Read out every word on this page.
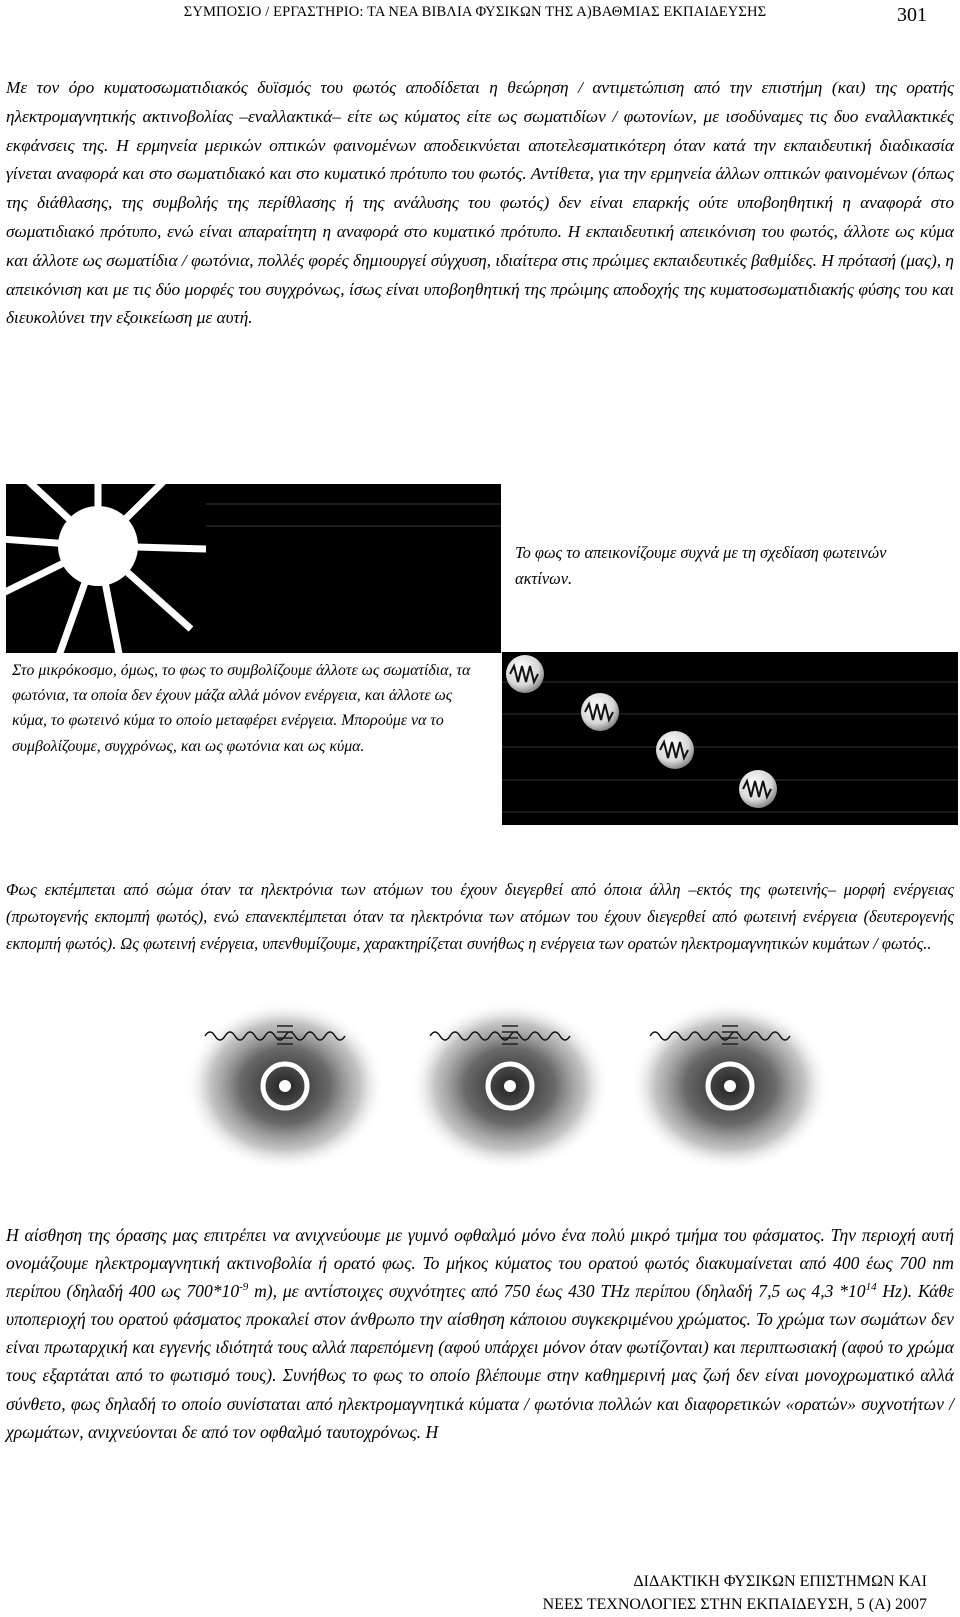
ΣΥΜΠΟΣΙΟ / ΕΡΓΑΣΤΗΡΙΟ: ΤΑ ΝΕΑ ΒΙΒΛΙΑ ΦΥΣΙΚΩΝ ΤΗΣ Α)ΒΑΘΜΙΑΣ ΕΚΠΑΙΔΕΥΣΗΣ	301

Με τον όρο κυματοσωματιδιακός δυϊσμός του φωτός αποδίδεται η θεώρηση / αντιμετώπιση από την επιστήμη (και) της ορατής ηλεκτρομαγνητικής ακτινοβολίας –εναλλακτικά– είτε ως κύματος είτε ως σωματιδίων / φωτονίων, με ισοδύναμες τις δυο εναλλακτικές εκφάνσεις της. Η ερμηνεία μερικών οπτικών φαινομένων αποδεικνύεται αποτελεσματικότερη όταν κατά την εκπαιδευτική διαδικασία γίνεται αναφορά και στο σωματιδιακό και στο κυματικό πρότυπο του φωτός. Αντίθετα, για την ερμηνεία άλλων οπτικών φαινομένων (όπως της διάθλασης, της συμβολής της περίθλασης ή της ανάλυσης του φωτός) δεν είναι επαρκής ούτε υποβοηθητική η αναφορά στο σωματιδιακό πρότυπο, ενώ είναι απαραίτητη η αναφορά στο κυματικό πρότυπο. Η εκπαιδευτική απεικόνιση του φωτός, άλλοτε ως κύμα και άλλοτε ως σωματίδια / φωτόνια, πολλές φορές δημιουργεί σύγχυση, ιδιαίτερα στις πρώιμες εκπαιδευτικές βαθμίδες. Η πρότασή (μας), η απεικόνιση και με τις δύο μορφές του συγχρόνως, ίσως είναι υποβοηθητική της πρώιμης αποδοχής της κυματοσωματιδιακής φύσης του και διευκολύνει την εξοικείωση με αυτή.

Το φως το απεικονίζουμε συχνά με τη σχεδίαση φωτεινών ακτίνων.
Στο μικρόκοσμο, όμως, το φως το συμβολίζουμε άλλοτε ως σωματίδια, τα φωτόνια, τα οποία δεν έχουν μάζα αλλά μόνον ενέργεια, και άλλοτε ως κύμα, το φωτεινό κύμα το οποίο μεταφέρει ενέργεια. Μπορούμε να το συμβολίζουμε, συγχρόνως, και ως φωτόνια και ως κύμα.

Φως εκπέμπεται από σώμα όταν τα ηλεκτρόνια των ατόμων του έχουν διεγερθεί από όποια άλλη –εκτός της φωτεινής– μορφή ενέργειας (πρωτογενής εκπομπή φωτός), ενώ επανεκπέμπεται όταν τα ηλεκτρόνια των ατόμων του έχουν διεγερθεί από φωτεινή ενέργεια (δευτερογενής εκπομπή φωτός). Ως φωτεινή ενέργεια, υπενθυμίζουμε, χαρακτηρίζεται συνήθως η ενέργεια των ορατών ηλεκτρομαγνητικών κυμάτων / φωτός..

Η αίσθηση της όρασης μας επιτρέπει να ανιχνεύουμε με γυμνό οφθαλμό μόνο ένα πολύ μικρό τμήμα του φάσματος. Την περιοχή αυτή ονομάζουμε ηλεκτρομαγνητική ακτινοβολία ή ορατό φως. Το μήκος κύματος του ορατού φωτός διακυμαίνεται από 400 έως 700 nm περίπου (δηλαδή 400 ως $700*10^{-9}$ m), με αντίστοιχες συχνότητες από 750 έως 430 THz περίπου (δηλαδή 7,5 ως 4,3 $*10^{14}$ Hz). Κάθε υποπεριοχή του ορατού φάσματος προκαλεί στον άνθρωπο την αίσθηση κάποιου συγκεκριμένου χρώματος. Το χρώμα των σωμάτων δεν είναι πρωταρχική και εγγενής ιδιότητά τους αλλά παρεπόμενη (αφού υπάρχει μόνον όταν φωτίζονται) και περιπτωσιακή (αφού το χρώμα τους εξαρτάται από το φωτισμό τους). Συνήθως το φως το οποίο βλέπουμε στην καθημερινή μας ζωή δεν είναι μονοχρωματικό αλλά σύνθετο, φως δηλαδή το οποίο συνίσταται από ηλεκτρομαγνητικά κύματα / φωτόνια πολλών και διαφορετικών «ορατών» συχνοτήτων / χρωμάτων, ανιχνεύονται δε από τον οφθαλμό ταυτοχρόνως. Η

ΔΙΔΑΚΤΙΚΗ ΦΥΣΙΚΩΝ ΕΠΙΣΤΗΜΩΝ ΚΑΙ
ΝΕΕΣ ΤΕΧΝΟΛΟΓΙΕΣ ΣΤΗΝ ΕΚΠΑΙΔΕΥΣΗ, 5 (Α) 2007
